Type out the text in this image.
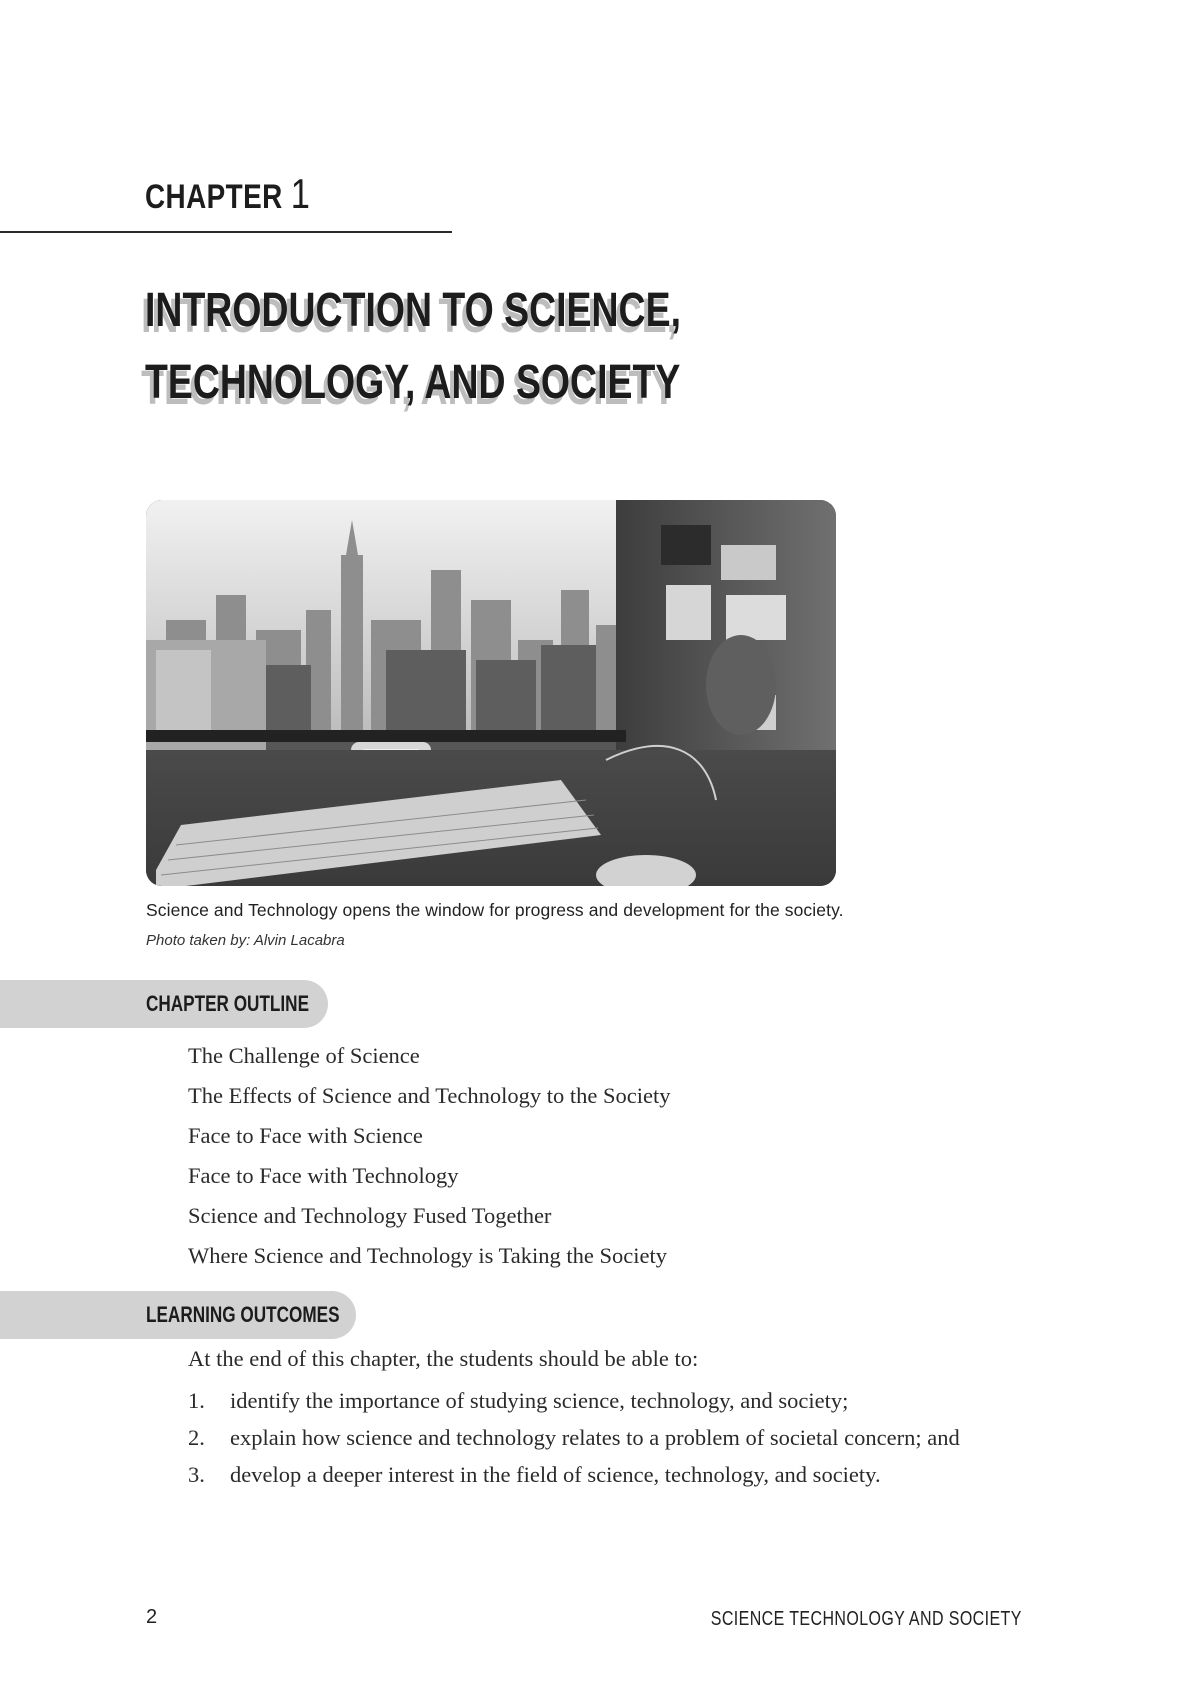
CHAPTER 1
INTRODUCTION TO SCIENCE,
TECHNOLOGY, AND SOCIETY
Science and Technology opens the window for progress and development for the society.
Photo taken by: Alvin Lacabra
CHAPTER OUTLINE
The Challenge of Science
The Effects of Science and Technology to the Society
Face to Face with Science
Face to Face with Technology
Science and Technology Fused Together
Where Science and Technology is Taking the Society
LEARNING OUTCOMES
At the end of this chapter, the students should be able to:
1. identify the importance of studying science, technology, and society;
2. explain how science and technology relates to a problem of societal concern; and
3. develop a deeper interest in the field of science, technology, and society.
2	SCIENCE TECHNOLOGY AND SOCIETY
